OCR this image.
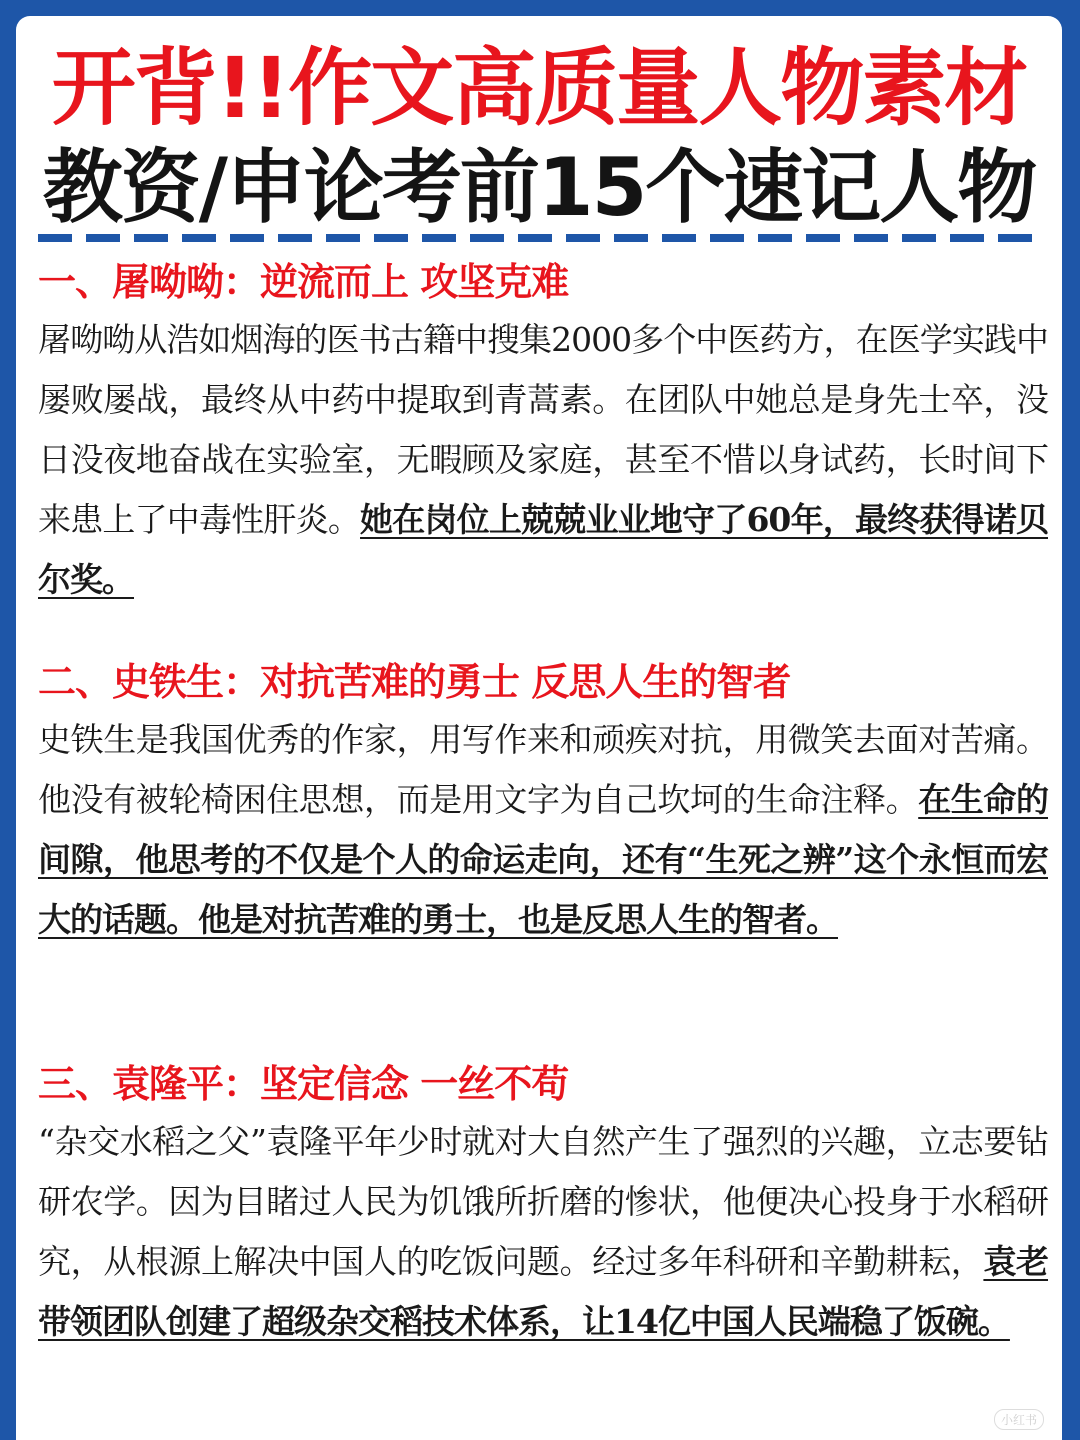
开背!!作文高质量人物素材
教资/申论考前15个速记人物
一、屠呦呦：逆流而上 攻坚克难

屠呦呦从浩如烟海的医书古籍中搜集2000多个中医药方，在医学实践中屡败屡战，最终从中药中提取到青蒿素。在团队中她总是身先士卒，没日没夜地奋战在实验室，无暇顾及家庭，甚至不惜以身试药，长时间下来患上了中毒性肝炎。她在岗位上兢兢业业地守了60年，最终获得诺贝尔奖。

二、史铁生：对抗苦难的勇士 反思人生的智者

史铁生是我国优秀的作家，用写作来和顽疾对抗，用微笑去面对苦痛。他没有被轮椅困住思想，而是用文字为自己坎坷的生命注释。在生命的间隙，他思考的不仅是个人的命运走向，还有“生死之辨”这个永恒而宏大的话题。他是对抗苦难的勇士，也是反思人生的智者。

三、袁隆平：坚定信念 一丝不苟

“杂交水稻之父”袁隆平年少时就对大自然产生了强烈的兴趣，立志要钻研农学。因为目睹过人民为饥饿所折磨的惨状，他便决心投身于水稻研究，从根源上解决中国人的吃饭问题。经过多年科研和辛勤耕耘，袁老带领团队创建了超级杂交稻技术体系，让14亿中国人民端稳了饭碗。

小红书
